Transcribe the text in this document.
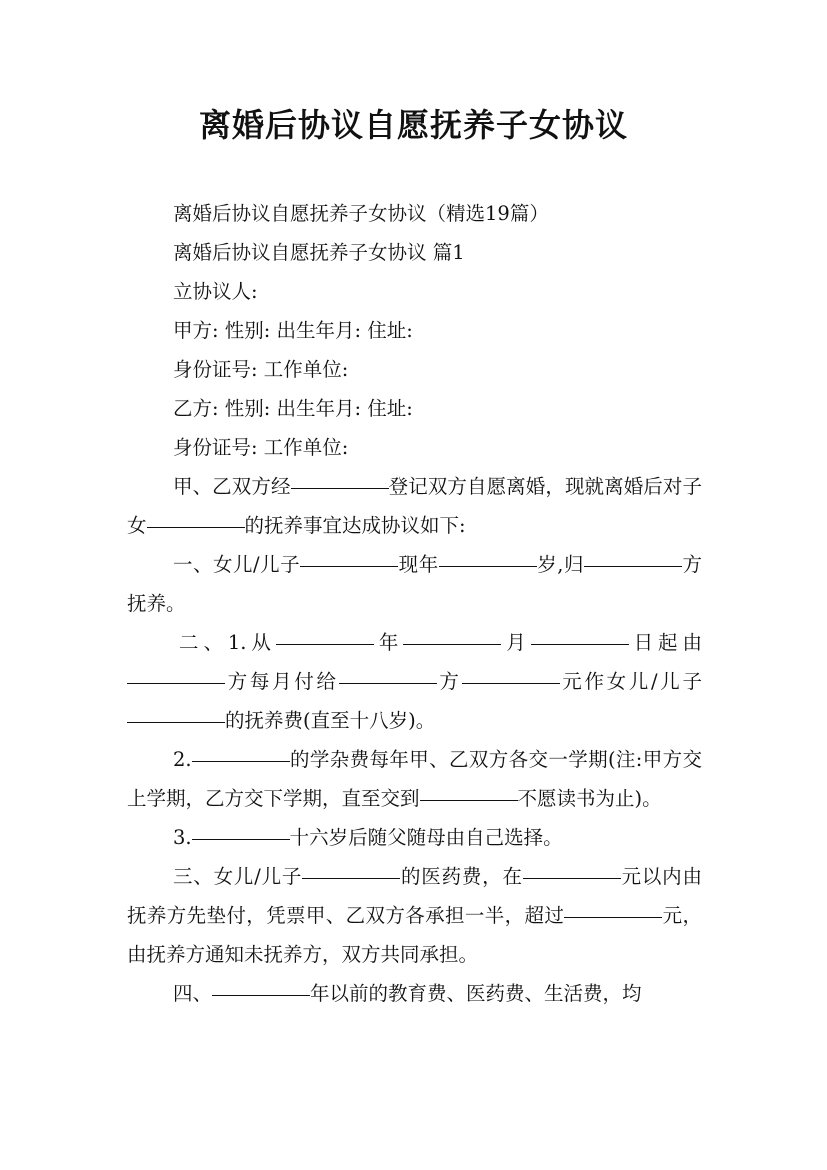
离婚后协议自愿抚养子女协议

离婚后协议自愿抚养子女协议（精选19篇）

离婚后协议自愿抚养子女协议 篇1

立协议人:

甲方: 性别: 出生年月: 住址:

身份证号: 工作单位:

乙方: 性别: 出生年月: 住址:

身份证号: 工作单位:

甲、乙双方经	登记双方自愿离婚，现就离婚后对子女	的抚养事宜达成协议如下:

一、女儿/儿子	现年	岁,归	方抚养。

二、1.从	年	月	日起由方每月付给	方	元作女儿/儿子的抚养费(直至十八岁)。

2.	的学杂费每年甲、乙双方各交一学期(注:甲方交上学期，乙方交下学期，直至交到	不愿读书为止)。

3.	十六岁后随父随母由自己选择。

三、女儿/儿子	的医药费，在	元以内由抚养方先垫付，凭票甲、乙双方各承担一半，超过	元，由抚养方通知未抚养方，双方共同承担。

四、	年以前的教育费、医药费、生活费，均
